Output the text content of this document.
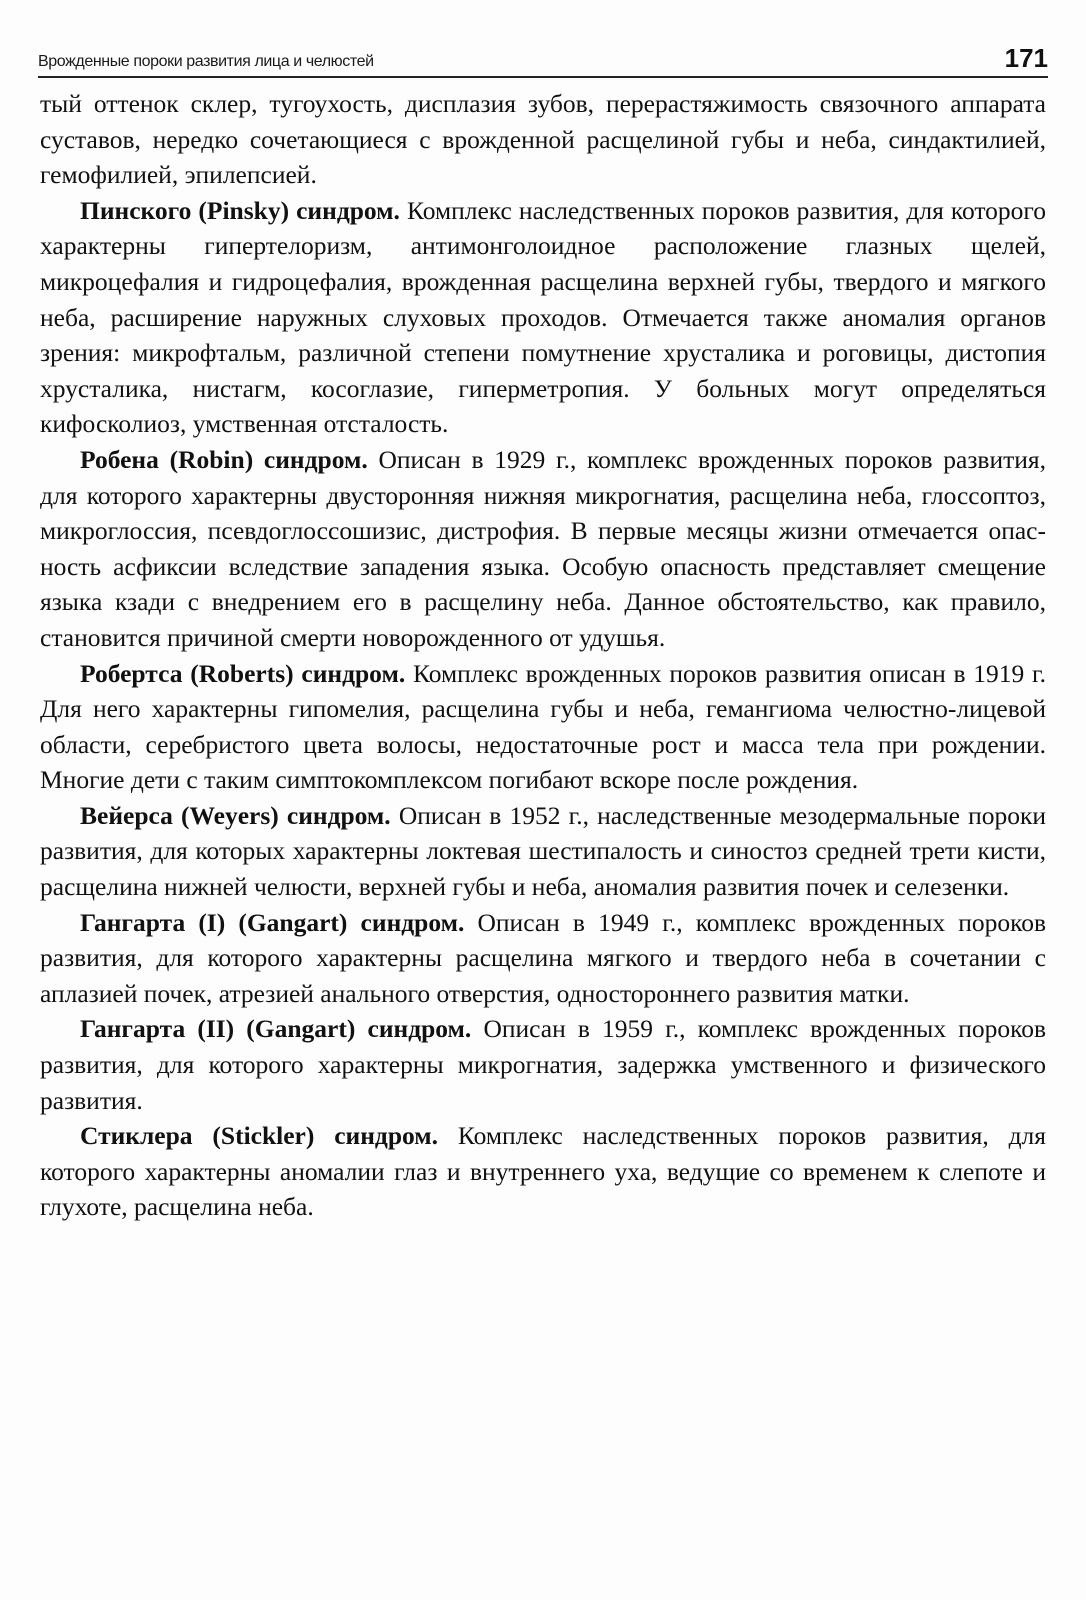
Врожденные пороки развития лица и челюстей	171

тый оттенок склер, тугоухость, дисплазия зубов, перерастяжимость связочного аппарата суставов, нередко сочетающиеся с врожденной расщелиной губы и неба, синдактилией, гемофилией, эпилепсией.

Пинского (Pinsky) синдром. Комплекс наследственных пороков развития, для которого характерны гипертелоризм, антимонголоидное расположение глазных щелей, микроцефалия и гидроцефалия, врожденная расщелина верхней губы, твердого и мягкого неба, расширение наружных слуховых проходов. Отмечается также аномалия органов зрения: микрофтальм, различной степени помутнение хрусталика и роговицы, дистопия хрусталика, нистагм, косоглазие, гиперметропия. У больных могут определяться кифосколиоз, умственная отсталость.

Робена (Robin) синдром. Описан в 1929 г., комплекс врожденных пороков развития, для которого характерны двусторонняя нижняя микрогнатия, расщелина неба, глоссоптоз, микроглоссия, псевдоглоссошизис, дистрофия. В первые месяцы жизни отмечается опасность асфиксии вследствие западения языка. Особую опасность представляет смещение языка кзади с внедрением его в расщелину неба. Данное обстоятельство, как правило, становится причиной смерти новорожденного от удушья.

Робертса (Roberts) синдром. Комплекс врожденных пороков развития описан в 1919 г. Для него характерны гипомелия, расщелина губы и неба, гемангиома челюстно-лицевой области, серебристого цвета волосы, недостаточные рост и масса тела при рождении. Многие дети с таким симптокомплексом погибают вскоре после рождения.

Вейерса (Weyers) синдром. Описан в 1952 г., наследственные мезодермальные пороки развития, для которых характерны локтевая шестипалость и синостоз средней трети кисти, расщелина нижней челюсти, верхней губы и неба, аномалия развития почек и селезенки.

Гангарта (I) (Gangart) синдром. Описан в 1949 г., комплекс врожденных пороков развития, для которого характерны расщелина мягкого и твердого неба в сочетании с аплазией почек, атрезией анального отверстия, одностороннего развития матки.

Гангарта (II) (Gangart) синдром. Описан в 1959 г., комплекс врожденных пороков развития, для которого характерны микрогнатия, задержка умственного и физического развития.

Стиклера (Stickler) синдром. Комплекс наследственных пороков развития, для которого характерны аномалии глаз и внутреннего уха, ведущие со временем к слепоте и глухоте, расщелина неба.
